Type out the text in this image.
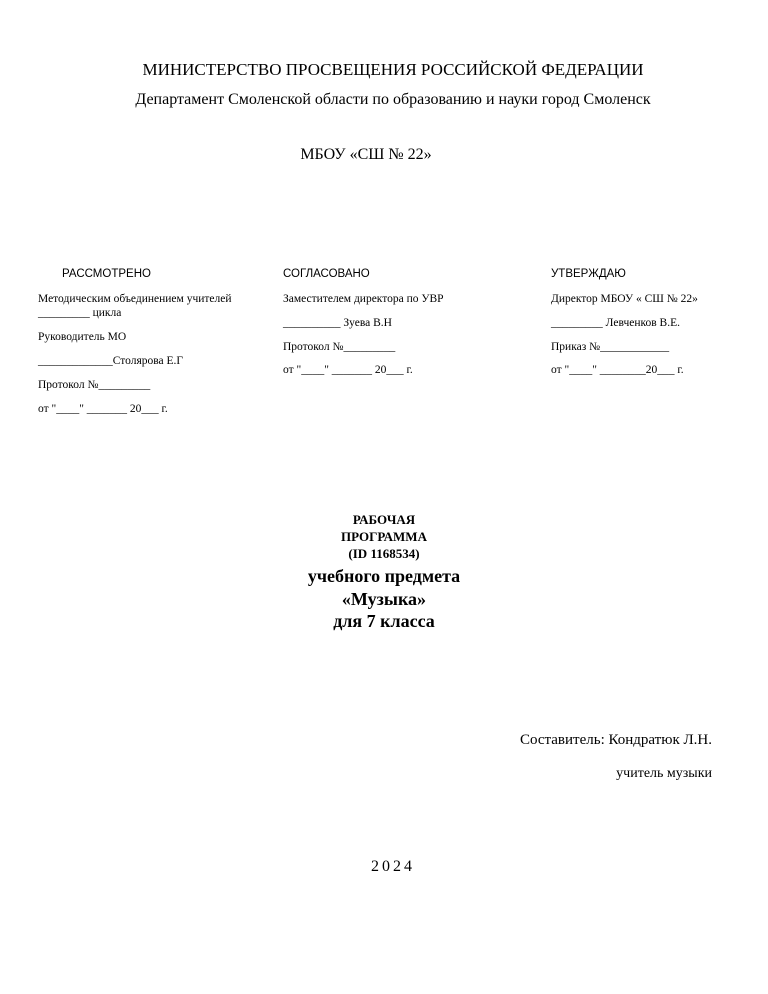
МИНИСТЕРСТВО ПРОСВЕЩЕНИЯ РОССИЙСКОЙ ФЕДЕРАЦИИ
Департамент Смоленской области по образованию и науки город Смоленск
МБОУ «СШ № 22»
РАССМОТРЕНО
Методическим объединением учителей
_________ цикла
Руководитель МО
_____________Столярова Е.Г
Протокол №_________
от "____" _______ 20___ г.
СОГЛАСОВАНО
Заместителем директора по УВР
__________ Зуева В.Н
Протокол №_________
от "____" _______ 20___ г.
УТВЕРЖДАЮ
Директор МБОУ « СШ № 22»
_________ Левченков В.Е.
Приказ №____________
от "____" ________20___ г.
РАБОЧАЯ
ПРОГРАММА
(ID 1168534)
учебного предмета
«Музыка»
для 7 класса
Составитель: Кондратюк Л.Н.
учитель музыки
2024
